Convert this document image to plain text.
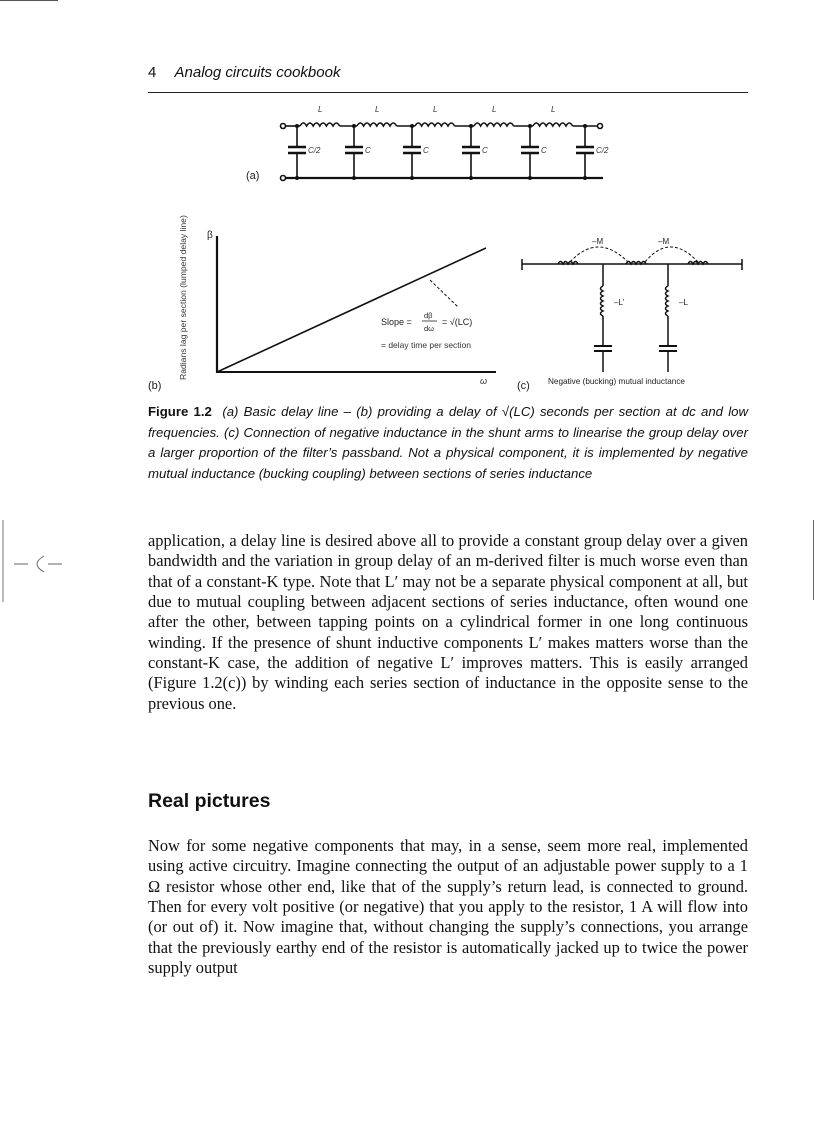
4 Analog circuits cookbook
L	L	L	L	L
C/2	C	C	C	C	C/2
(a)
Radians lag per section (lumped delay line) β
ω
Slope =
dβ
dω
= √(LC)
= delay time per section
(b)
–M	–M
–L'	–L
Negative (bucking) mutual inductance
(c)
Figure 1.2 (a) Basic delay line – (b) providing a delay of √(LC) seconds per section at dc and low frequencies. (c) Connection of negative inductance in the shunt arms to linearise the group delay over a larger proportion of the filter’s passband. Not a physical component, it is implemented by negative mutual inductance (bucking coupling) between sections of series inductance
application, a delay line is desired above all to provide a constant group delay over a given bandwidth and the variation in group delay of an m-derived filter is much worse even than that of a constant-K type. Note that L′ may not be a separate physical component at all, but due to mutual coupling between adjacent sections of series inductance, often wound one after the other, between tapping points on a cylindrical former in one long continuous winding. If the presence of shunt inductive components L′ makes matters worse than the constant-K case, the addition of negative L′ improves matters. This is easily arranged (Figure 1.2(c)) by winding each series section of inductance in the opposite sense to the previous one.
Real pictures
Now for some negative components that may, in a sense, seem more real, implemented using active circuitry. Imagine connecting the output of an adjustable power supply to a 1 Ω resistor whose other end, like that of the supply’s return lead, is connected to ground. Then for every volt positive (or negative) that you apply to the resistor, 1 A will flow into (or out of) it. Now imagine that, without changing the supply’s connections, you arrange that the previously earthy end of the resistor is automatically jacked up to twice the power supply output
